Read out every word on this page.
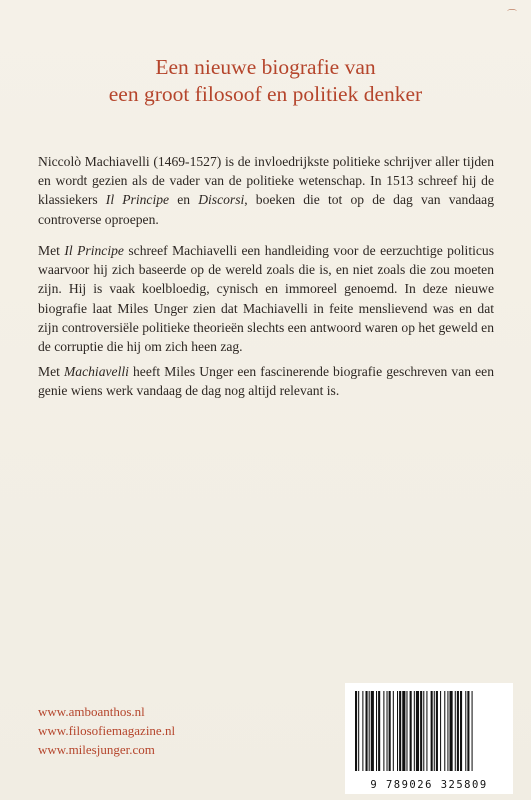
⌒
Een nieuwe biografie van
een groot filosoof en politiek denker

Niccolò Machiavelli (1469-1527) is de invloedrijkste politieke schrijver aller tijden en wordt gezien als de vader van de politieke wetenschap. In 1513 schreef hij de klassiekers Il Principe en Discorsi, boeken die tot op de dag van vandaag controverse oproepen.

Met Il Principe schreef Machiavelli een handleiding voor de eerzuchtige politicus waarvoor hij zich baseerde op de wereld zoals die is, en niet zoals die zou moeten zijn. Hij is vaak koelbloedig, cynisch en immoreel genoemd. In deze nieuwe biografie laat Miles Unger zien dat Machiavelli in feite menslievend was en dat zijn controversiële politieke theorieën slechts een antwoord waren op het geweld en de corruptie die hij om zich heen zag.

Met Machiavelli heeft Miles Unger een fascinerende biografie geschreven van een genie wiens werk vandaag de dag nog altijd relevant is.

www.amboanthos.nl
www.filosofiemagazine.nl
www.milesjunger.com
9 789026 325809
